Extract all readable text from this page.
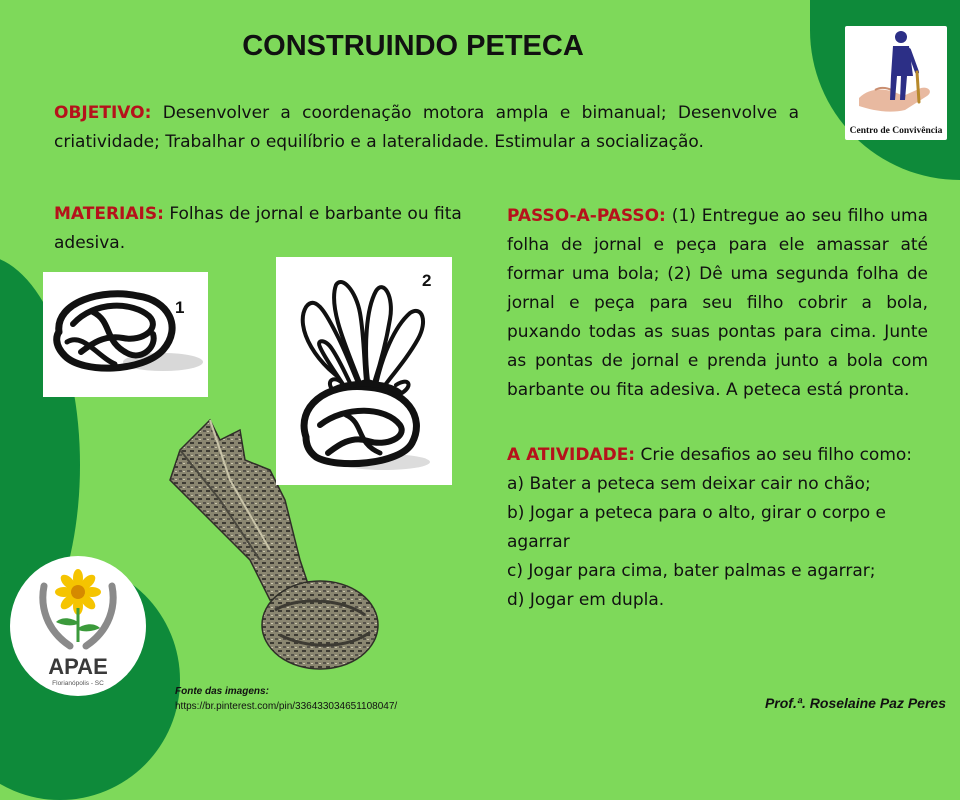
CONSTRUINDO PETECA
OBJETIVO: Desenvolver a coordenação motora ampla e bimanual; Desenvolve a criatividade; Trabalhar o equilíbrio e a lateralidade. Estimular a socialização.
MATERIAIS: Folhas de jornal e barbante ou fita adesiva.
PASSO-A-PASSO: (1) Entregue ao seu filho uma folha de jornal e peça para ele amassar até formar uma bola; (2) Dê uma segunda folha de jornal e peça para seu filho cobrir a bola, puxando todas as suas pontas para cima. Junte as pontas de jornal e prenda junto a bola com barbante ou fita adesiva. A peteca está pronta.
A ATIVIDADE: Crie desafios ao seu filho como:
a) Bater a peteca sem deixar cair no chão;
b) Jogar a peteca para o alto, girar o corpo e agarrar
c) Jogar para cima, bater palmas e agarrar;
d) Jogar em dupla.
1
2
Centro de Convivência
APAE
Florianópolis - SC
Fonte das imagens:
https://br.pinterest.com/pin/336433034651108047/	Prof.ª. Roselaine Paz Peres
